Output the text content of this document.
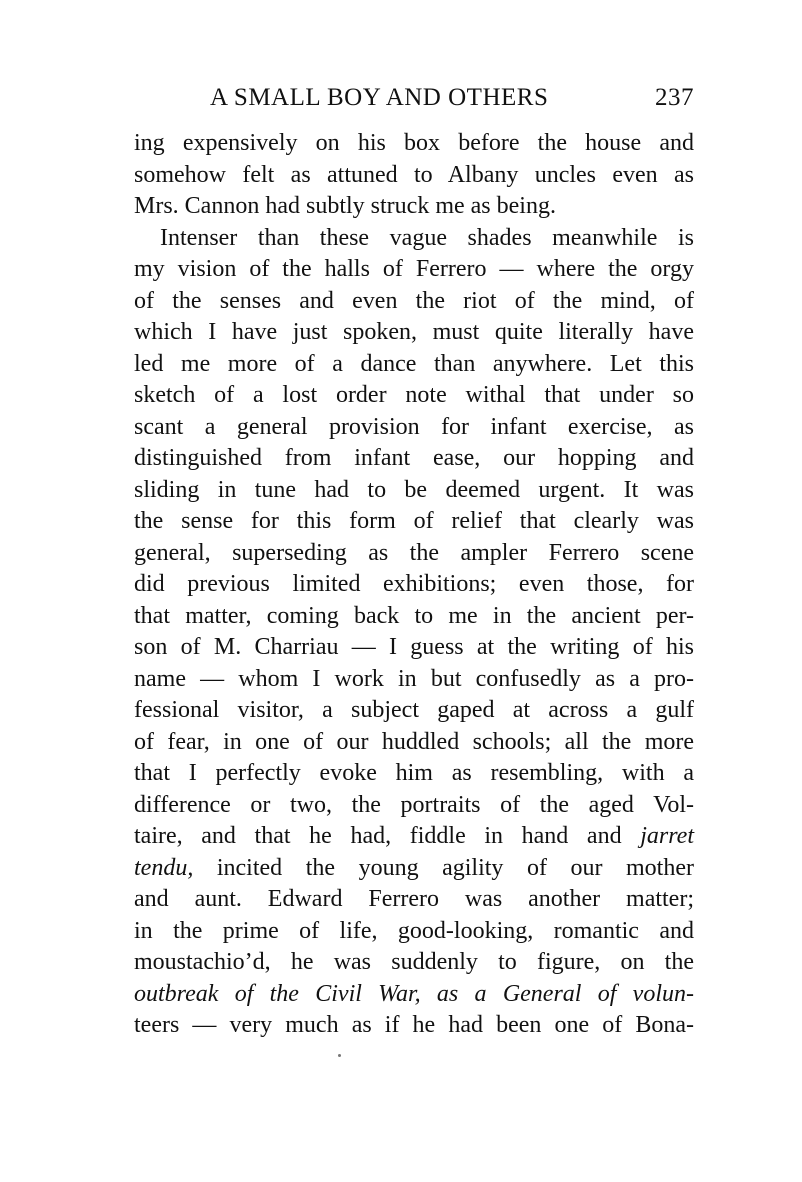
A SMALL BOY AND OTHERS	237
ing expensively on his box before the house and
somehow felt as attuned to Albany uncles even as
Mrs. Cannon had subtly struck me as being.
Intenser than these vague shades meanwhile is
my vision of the halls of Ferrero — where the orgy
of the senses and even the riot of the mind, of
which I have just spoken, must quite literally have
led me more of a dance than anywhere. Let this
sketch of a lost order note withal that under so
scant a general provision for infant exercise, as
distinguished from infant ease, our hopping and
sliding in tune had to be deemed urgent. It was
the sense for this form of relief that clearly was
general, superseding as the ampler Ferrero scene
did previous limited exhibitions; even those, for
that matter, coming back to me in the ancient per-
son of M. Charriau — I guess at the writing of his
name — whom I work in but confusedly as a pro-
fessional visitor, a subject gaped at across a gulf
of fear, in one of our huddled schools; all the more
that I perfectly evoke him as resembling, with a
difference or two, the portraits of the aged Vol-
taire, and that he had, fiddle in hand and jarret
tendu, incited the young agility of our mother
and aunt. Edward Ferrero was another matter;
in the prime of life, good-looking, romantic and
moustachio’d, he was suddenly to figure, on the
outbreak of the Civil War, as a General of volun-
teers — very much as if he had been one of Bona-
